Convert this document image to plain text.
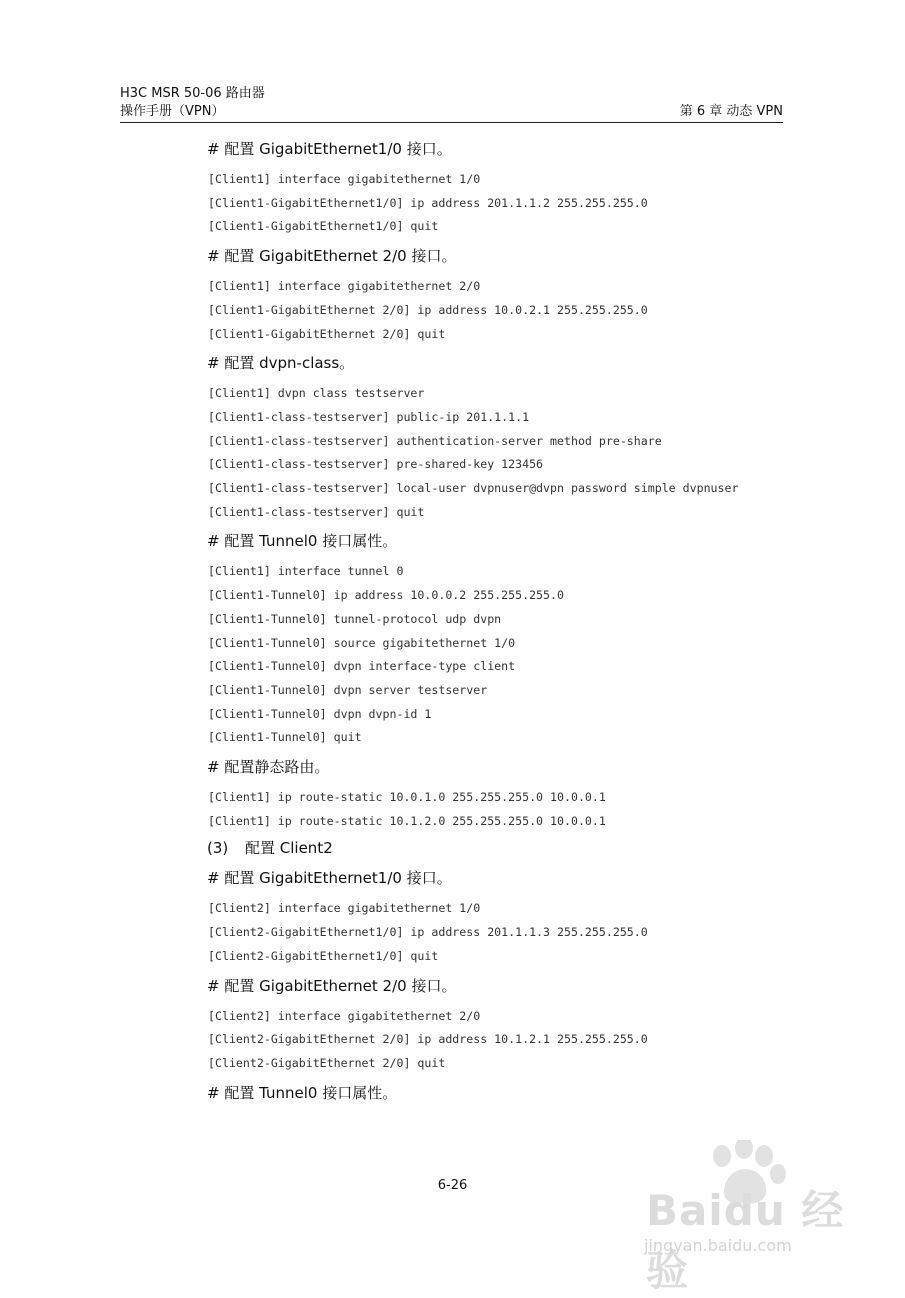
H3C MSR 50-06 路由器
操作手册（VPN）	第 6 章 动态 VPN
# 配置 GigabitEthernet1/0 接口。
[Client1] interface gigabitethernet 1/0
[Client1-GigabitEthernet1/0] ip address 201.1.1.2 255.255.255.0
[Client1-GigabitEthernet1/0] quit
# 配置 GigabitEthernet 2/0 接口。
[Client1] interface gigabitethernet 2/0
[Client1-GigabitEthernet 2/0] ip address 10.0.2.1 255.255.255.0
[Client1-GigabitEthernet 2/0] quit
# 配置 dvpn-class。
[Client1] dvpn class testserver
[Client1-class-testserver] public-ip 201.1.1.1
[Client1-class-testserver] authentication-server method pre-share
[Client1-class-testserver] pre-shared-key 123456
[Client1-class-testserver] local-user dvpnuser@dvpn password simple dvpnuser
[Client1-class-testserver] quit
# 配置 Tunnel0 接口属性。
[Client1] interface tunnel 0
[Client1-Tunnel0] ip address 10.0.0.2 255.255.255.0
[Client1-Tunnel0] tunnel-protocol udp dvpn
[Client1-Tunnel0] source gigabitethernet 1/0
[Client1-Tunnel0] dvpn interface-type client
[Client1-Tunnel0] dvpn server testserver
[Client1-Tunnel0] dvpn dvpn-id 1
[Client1-Tunnel0] quit
# 配置静态路由。
[Client1] ip route-static 10.0.1.0 255.255.255.0 10.0.0.1
[Client1] ip route-static 10.1.2.0 255.255.255.0 10.0.0.1
# 配置 GigabitEthernet1/0 接口。
[Client2] interface gigabitethernet 1/0
[Client2-GigabitEthernet1/0] ip address 201.1.1.3 255.255.255.0
[Client2-GigabitEthernet1/0] quit
# 配置 GigabitEthernet 2/0 接口。
[Client2] interface gigabitethernet 2/0
[Client2-GigabitEthernet 2/0] ip address 10.1.2.1 255.255.255.0
[Client2-GigabitEthernet 2/0] quit
# 配置 Tunnel0 接口属性。
(3) 配置 Client2
6-26
Baidu 经验
jingyan.baidu.com
